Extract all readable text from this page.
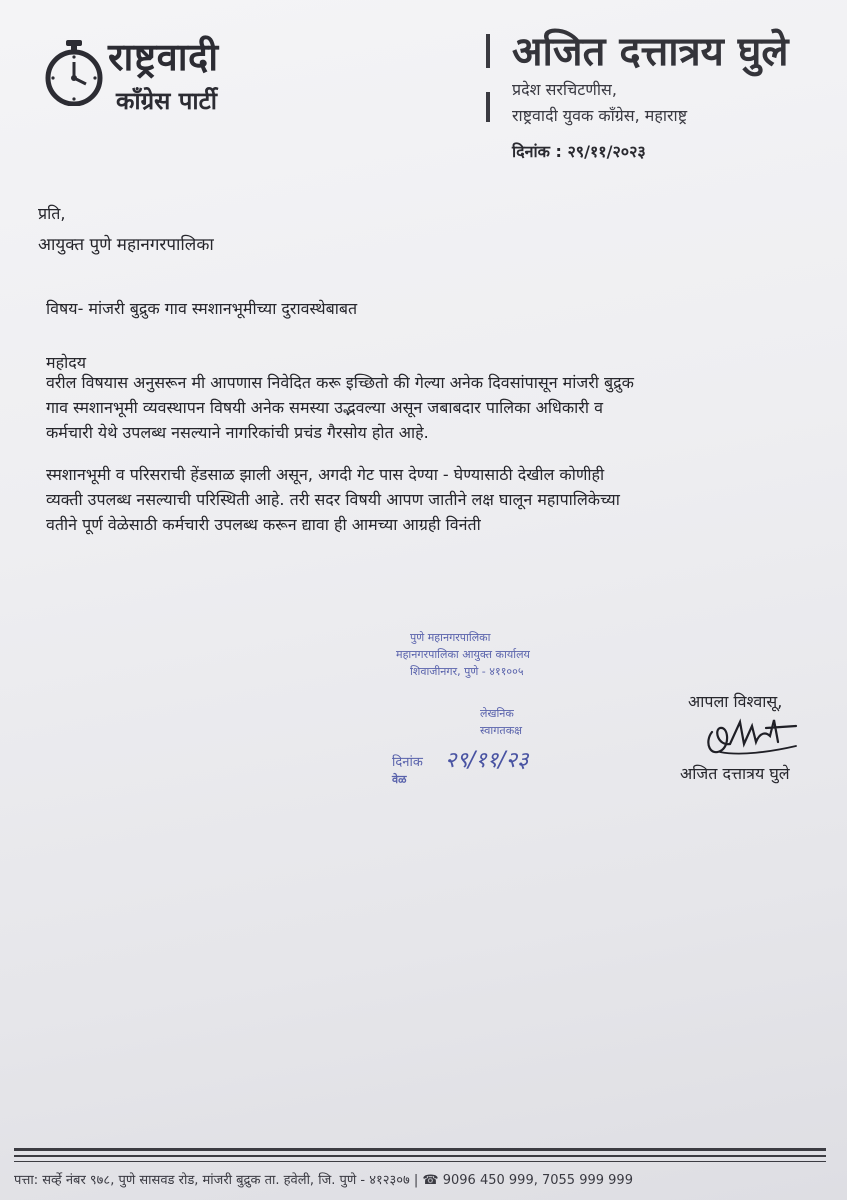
राष्ट्रवादी
काँग्रेस पार्टी
अजित दत्तात्रय घुले
प्रदेश सरचिटणीस,
राष्ट्रवादी युवक काँग्रेस, महाराष्ट्र
दिनांक : २९/११/२०२३
प्रति,
आयुक्त पुणे महानगरपालिका
विषय- मांजरी बुद्रुक गाव स्मशानभूमीच्या दुरावस्थेबाबत
महोदय
वरील विषयास अनुसरून मी आपणास निवेदित करू इच्छितो की गेल्या अनेक दिवसांपासून मांजरी बुद्रुक
गाव स्मशानभूमी व्यवस्थापन विषयी अनेक समस्या उद्भवल्या असून जबाबदार पालिका अधिकारी व
कर्मचारी येथे उपलब्ध नसल्याने नागरिकांची प्रचंड गैरसोय होत आहे.
स्मशानभूमी व परिसराची हेंडसाळ झाली असून, अगदी गेट पास देण्या - घेण्यासाठी देखील कोणीही
व्यक्ती उपलब्ध नसल्याची परिस्थिती आहे. तरी सदर विषयी आपण जातीने लक्ष घालून महापालिकेच्या
वतीने पूर्ण वेळेसाठी कर्मचारी उपलब्ध करून द्यावा ही आमच्या आग्रही विनंती
पुणे महानगरपालिका
महानगरपालिका आयुक्त कार्यालय
शिवाजीनगर, पुणे - ४११००५
लेखनिक
स्वागतकक्ष
दिनांक २९/११/२३
वेळ
आपला विश्वासू,
अजित दत्तात्रय घुले
पत्ता: सर्व्हे नंबर ९७८, पुणे सासवड रोड, मांजरी बुद्रुक ता. हवेली, जि. पुणे - ४१२३०७ | ☎ 9096 450 999, 7055 999 999
